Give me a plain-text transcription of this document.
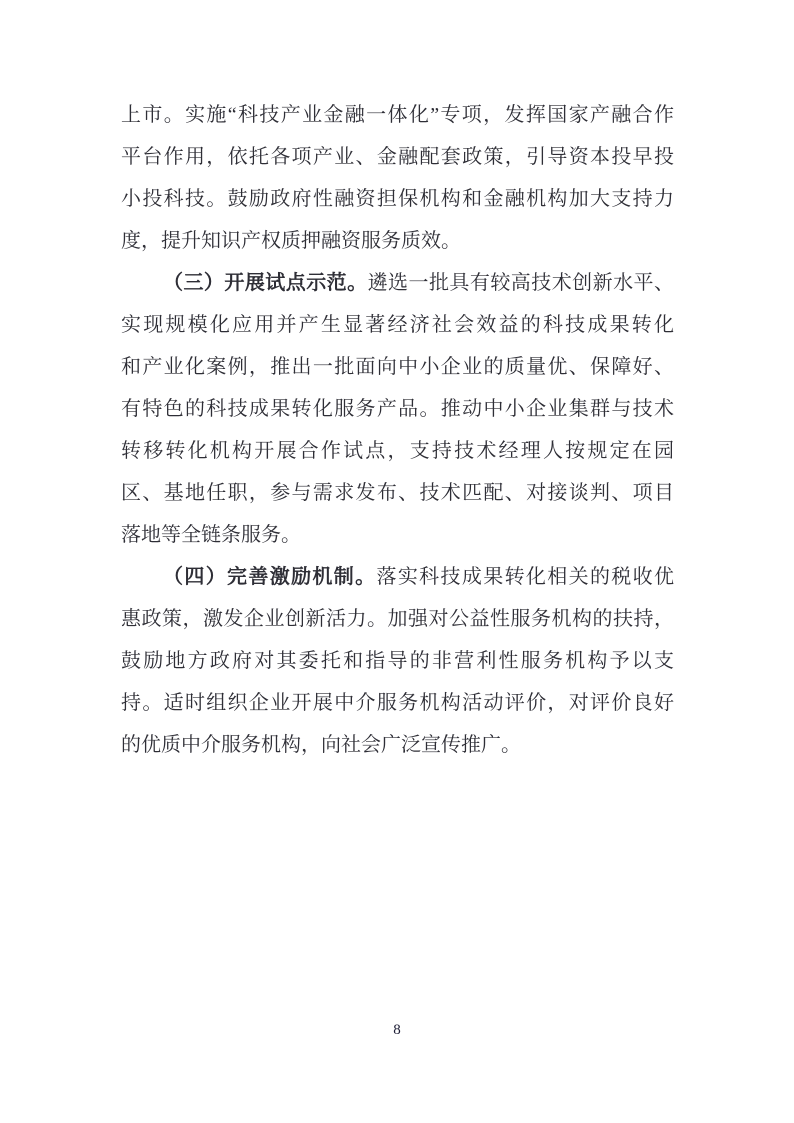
上市。实施“科技产业金融一体化”专项，发挥国家产融合作
平台作用，依托各项产业、金融配套政策，引导资本投早投
小投科技。鼓励政府性融资担保机构和金融机构加大支持力
度，提升知识产权质押融资服务质效。
（三）开展试点示范。遴选一批具有较高技术创新水平、
实现规模化应用并产生显著经济社会效益的科技成果转化
和产业化案例，推出一批面向中小企业的质量优、保障好、
有特色的科技成果转化服务产品。推动中小企业集群与技术
转移转化机构开展合作试点，支持技术经理人按规定在园
区、基地任职，参与需求发布、技术匹配、对接谈判、项目
落地等全链条服务。
（四）完善激励机制。落实科技成果转化相关的税收优
惠政策，激发企业创新活力。加强对公益性服务机构的扶持，
鼓励地方政府对其委托和指导的非营利性服务机构予以支
持。适时组织企业开展中介服务机构活动评价，对评价良好
的优质中介服务机构，向社会广泛宣传推广。
8
